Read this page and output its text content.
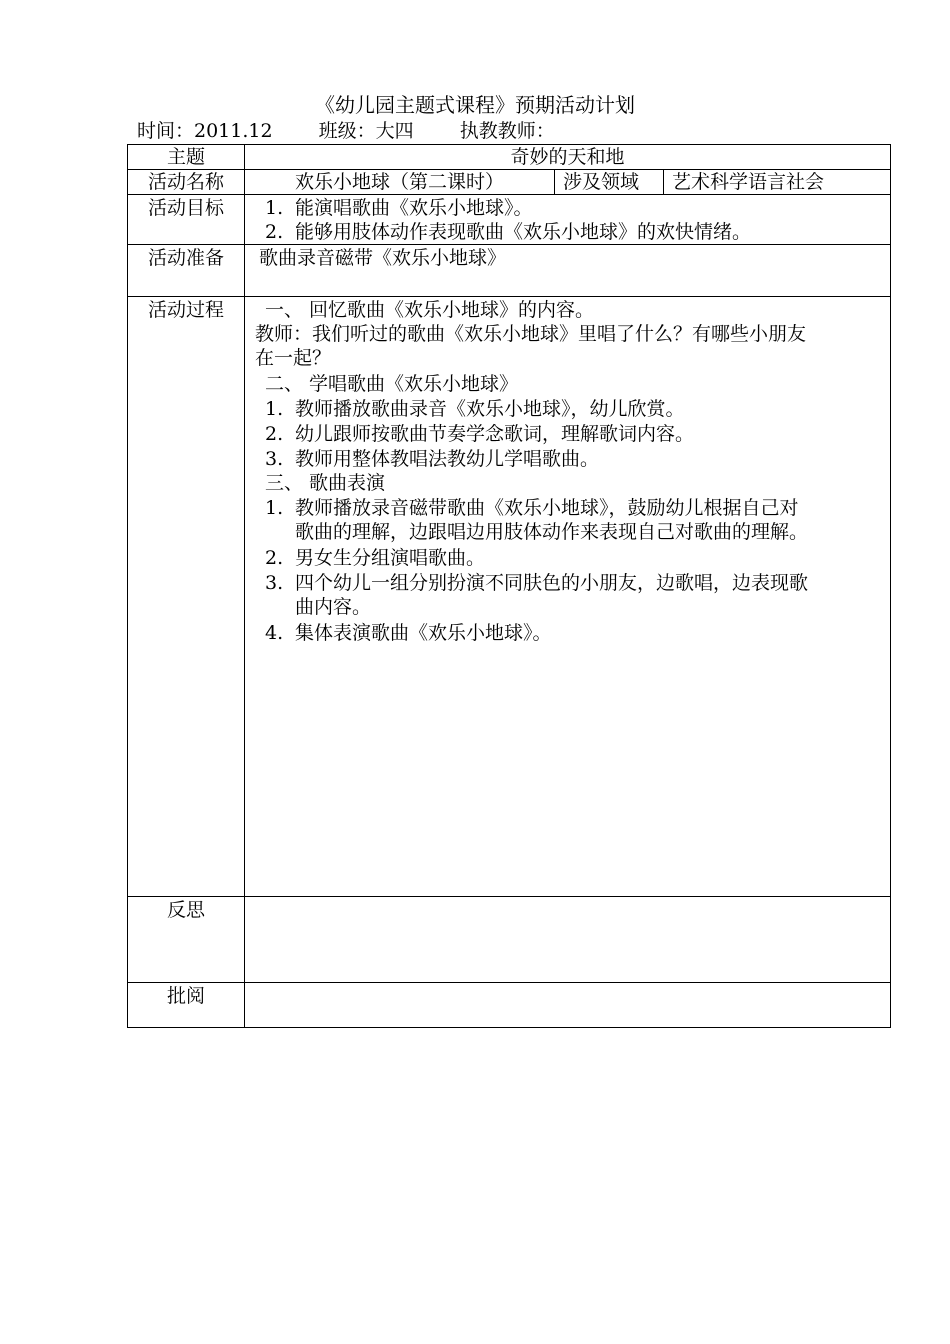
《幼儿园主题式课程》预期活动计划
时间：2011.12 班级：大四 执教教师：
主题	奇妙的天和地
活动名称	欢乐小地球（第二课时）	涉及领域 艺术科学语言社会
活动目标	1. 能演唱歌曲《欢乐小地球》。
2. 能够用肢体动作表现歌曲《欢乐小地球》的欢快情绪。
活动准备	歌曲录音磁带《欢乐小地球》
活动过程	一、 回忆歌曲《欢乐小地球》的内容。
教师：我们听过的歌曲《欢乐小地球》里唱了什么？有哪些小朋友
在一起？
二、 学唱歌曲《欢乐小地球》
1. 教师播放歌曲录音《欢乐小地球》，幼儿欣赏。
2. 幼儿跟师按歌曲节奏学念歌词，理解歌词内容。
3. 教师用整体教唱法教幼儿学唱歌曲。
三、 歌曲表演
1. 教师播放录音磁带歌曲《欢乐小地球》，鼓励幼儿根据自己对
歌曲的理解，边跟唱边用肢体动作来表现自己对歌曲的理解。
2. 男女生分组演唱歌曲。
3. 四个幼儿一组分别扮演不同肤色的小朋友，边歌唱，边表现歌
曲内容。
4. 集体表演歌曲《欢乐小地球》。
反思
批阅
